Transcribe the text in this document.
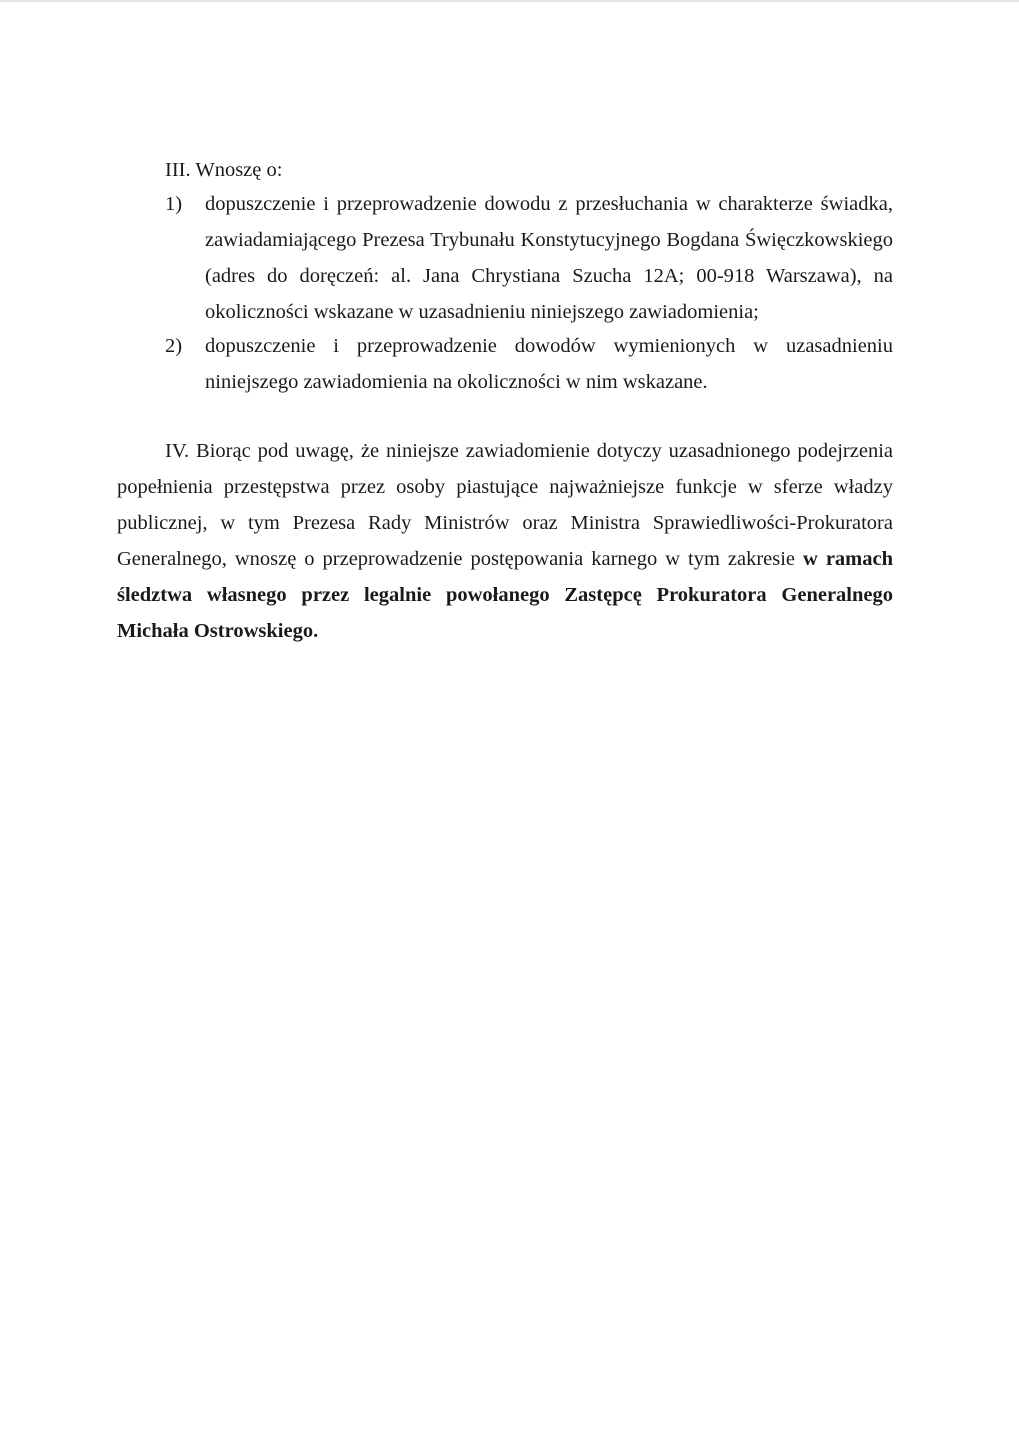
III. Wnoszę o:
1) dopuszczenie i przeprowadzenie dowodu z przesłuchania w charakterze świadka,
zawiadamiającego Prezesa Trybunału Konstytucyjnego Bogdana Święczkowskiego
(adres do doręczeń: al. Jana Chrystiana Szucha 12A; 00-918 Warszawa), na
okoliczności wskazane w uzasadnieniu niniejszego zawiadomienia;
2) dopuszczenie i przeprowadzenie dowodów wymienionych w uzasadnieniu
niniejszego zawiadomienia na okoliczności w nim wskazane.
IV. Biorąc pod uwagę, że niniejsze zawiadomienie dotyczy uzasadnionego podejrzenia
popełnienia przestępstwa przez osoby piastujące najważniejsze funkcje w sferze władzy
publicznej, w tym Prezesa Rady Ministrów oraz Ministra Sprawiedliwości-Prokuratora
Generalnego, wnoszę o przeprowadzenie postępowania karnego w tym zakresie w ramach
śledztwa własnego przez legalnie powołanego Zastępcę Prokuratora Generalnego
Michała Ostrowskiego.
